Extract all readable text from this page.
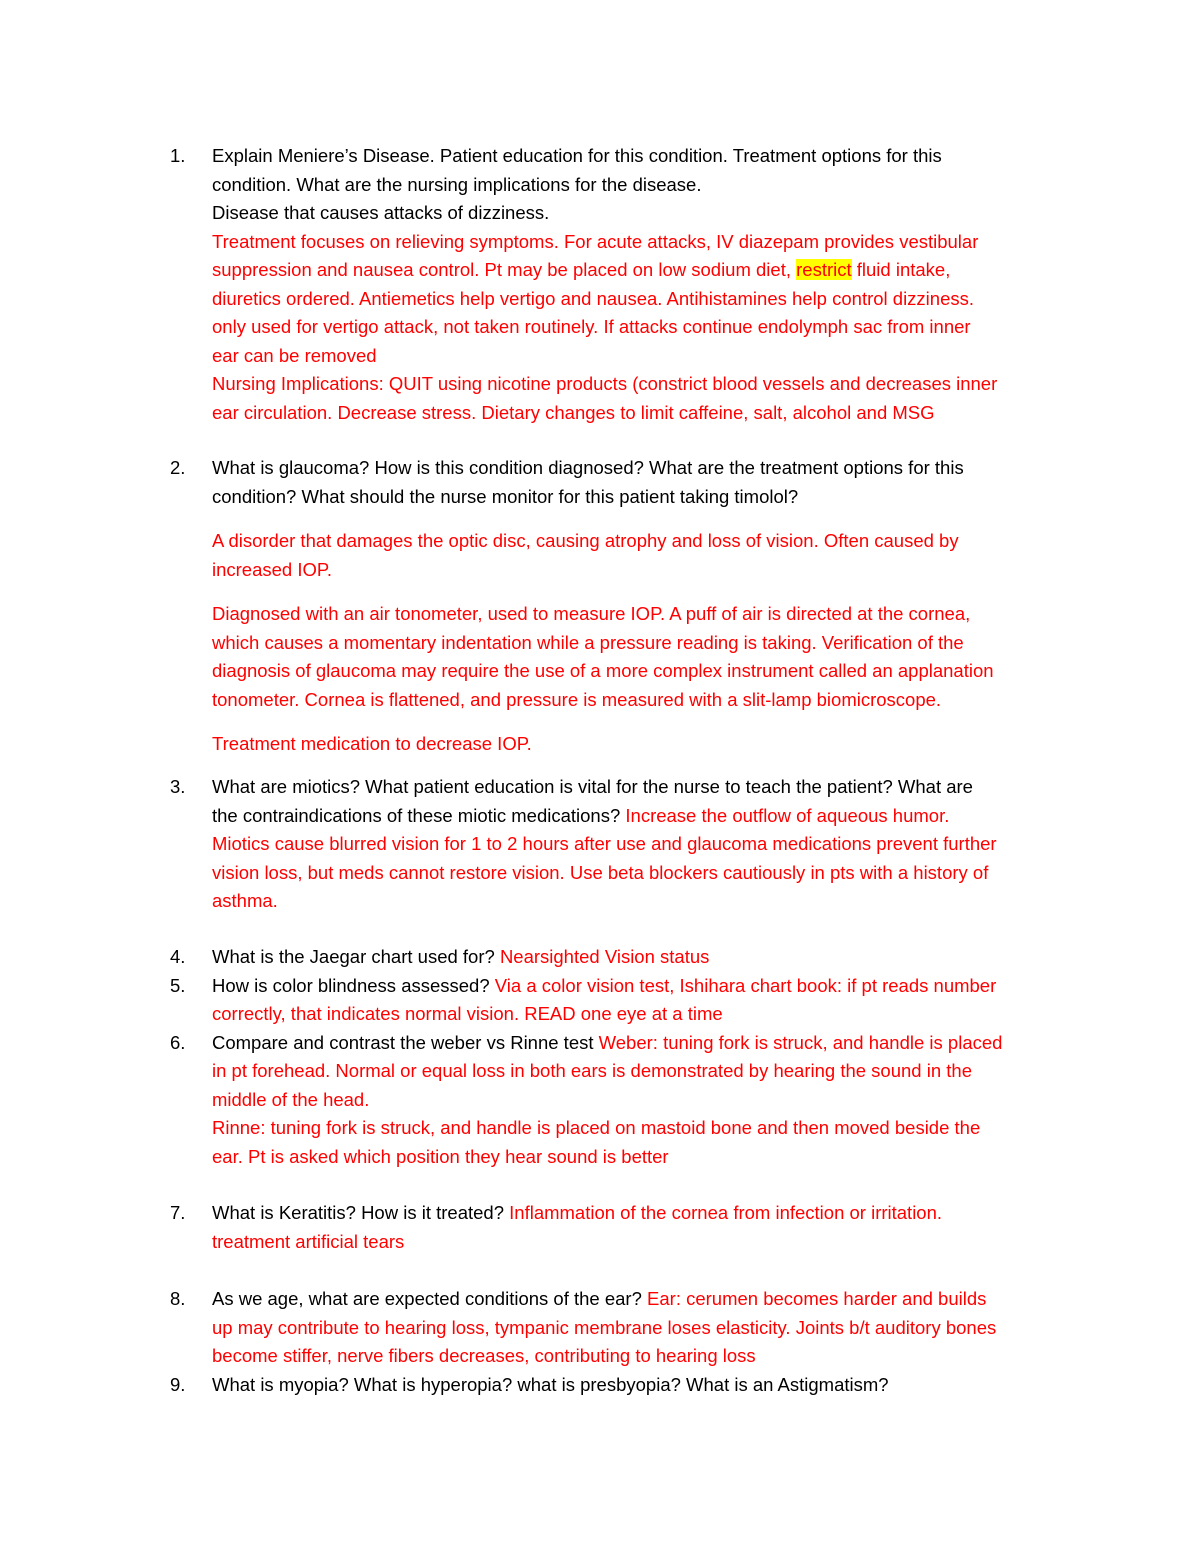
1.	Explain Meniere’s Disease. Patient education for this condition. Treatment options for this
condition. What are the nursing implications for the disease.
Disease that causes attacks of dizziness.
Treatment focuses on relieving symptoms. For acute attacks, IV diazepam provides vestibular
suppression and nausea control. Pt may be placed on low sodium diet, restrict fluid intake,
diuretics ordered. Antiemetics help vertigo and nausea. Antihistamines help control dizziness.
only used for vertigo attack, not taken routinely. If attacks continue endolymph sac from inner
ear can be removed
Nursing Implications: QUIT using nicotine products (constrict blood vessels and decreases inner
ear circulation. Decrease stress. Dietary changes to limit caffeine, salt, alcohol and MSG
2.	What is glaucoma? How is this condition diagnosed? What are the treatment options for this
condition? What should the nurse monitor for this patient taking timolol?
A disorder that damages the optic disc, causing atrophy and loss of vision. Often caused by
increased IOP.
Diagnosed with an air tonometer, used to measure IOP. A puff of air is directed at the cornea,
which causes a momentary indentation while a pressure reading is taking. Verification of the
diagnosis of glaucoma may require the use of a more complex instrument called an applanation
tonometer. Cornea is flattened, and pressure is measured with a slit-lamp biomicroscope.
Treatment medication to decrease IOP.
3.	What are miotics? What patient education is vital for the nurse to teach the patient? What are
the contraindications of these miotic medications? Increase the outflow of aqueous humor.
Miotics cause blurred vision for 1 to 2 hours after use and glaucoma medications prevent further
vision loss, but meds cannot restore vision. Use beta blockers cautiously in pts with a history of
asthma.
4.	What is the Jaegar chart used for? Nearsighted Vision status
5.	How is color blindness assessed? Via a color vision test, Ishihara chart book: if pt reads number
correctly, that indicates normal vision. READ one eye at a time
6.	Compare and contrast the weber vs Rinne test Weber: tuning fork is struck, and handle is placed
in pt forehead. Normal or equal loss in both ears is demonstrated by hearing the sound in the
middle of the head.
Rinne: tuning fork is struck, and handle is placed on mastoid bone and then moved beside the
ear. Pt is asked which position they hear sound is better
7.	What is Keratitis? How is it treated? Inflammation of the cornea from infection or irritation.
treatment artificial tears
8.	As we age, what are expected conditions of the ear? Ear: cerumen becomes harder and builds
up may contribute to hearing loss, tympanic membrane loses elasticity. Joints b/t auditory bones
become stiffer, nerve fibers decreases, contributing to hearing loss
9.	What is myopia? What is hyperopia? what is presbyopia? What is an Astigmatism?
